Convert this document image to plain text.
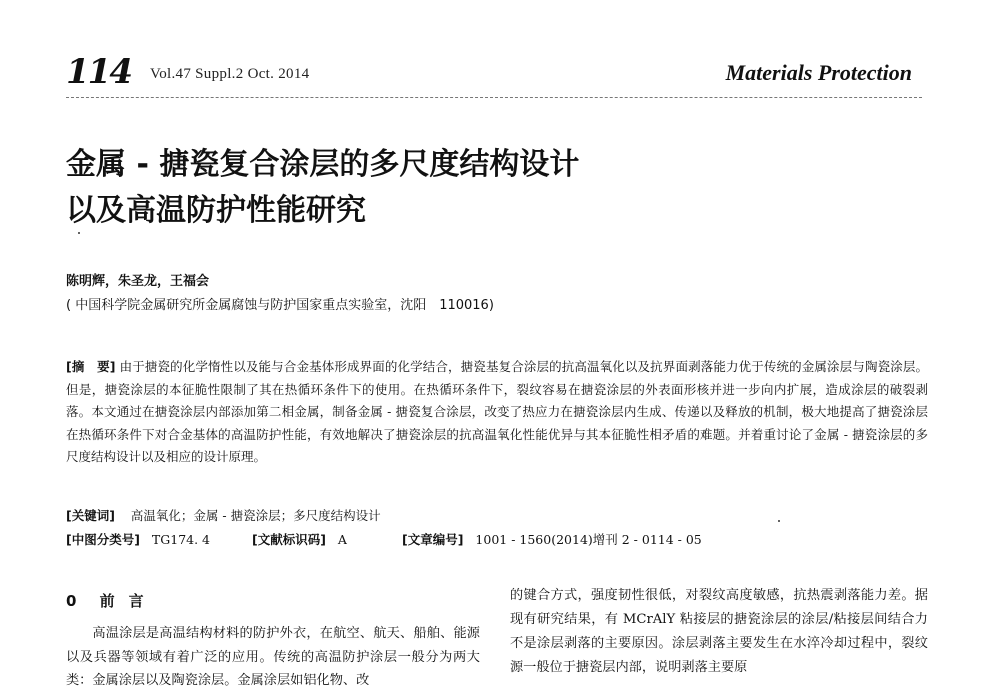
114 Vol.47 Suppl.2 Oct. 2014	Materials Protection
金属 - 搪瓷复合涂层的多尺度结构设计
以及高温防护性能研究
陈明辉，朱圣龙，王福会
( 中国科学院金属研究所金属腐蚀与防护国家重点实验室，沈阳　110016)
[摘　要] 由于搪瓷的化学惰性以及能与合金基体形成界面的化学结合，搪瓷基复合涂层的抗高温氧化以及抗界面剥落能力优于传统的金属涂层与陶瓷涂层。但是，搪瓷涂层的本征脆性限制了其在热循环条件下的使用。在热循环条件下，裂纹容易在搪瓷涂层的外表面形核并进一步向内扩展，造成涂层的破裂剥落。本文通过在搪瓷涂层内部添加第二相金属，制备金属 - 搪瓷复合涂层，改变了热应力在搪瓷涂层内生成、传递以及释放的机制，极大地提高了搪瓷涂层在热循环条件下对合金基体的高温防护性能，有效地解决了搪瓷涂层的抗高温氧化性能优异与其本征脆性相矛盾的难题。并着重讨论了金属 - 搪瓷涂层的多尺度结构设计以及相应的设计原理。
[关键词] 高温氧化；金属 - 搪瓷涂层；多尺度结构设计
[中图分类号] TG174. 4	[文献标识码] A	[文章编号] 1001 - 1560(2014)增刊 2 - 0114 - 05
0 前言
高温涂层是高温结构材料的防护外衣，在航空、航天、船舶、能源以及兵器等领域有着广泛的应用。传统的高温防护涂层一般分为两大类：金属涂层以及陶瓷涂层。金属涂层如铝化物、改
的键合方式，强度韧性很低，对裂纹高度敏感，抗热震剥落能力差。据现有研究结果，有 MCrAlY 粘接层的搪瓷涂层的涂层/粘接层间结合力不是涂层剥落的主要原因。涂层剥落主要发生在水淬冷却过程中，裂纹源一般位于搪瓷层内部，说明剥落主要原
